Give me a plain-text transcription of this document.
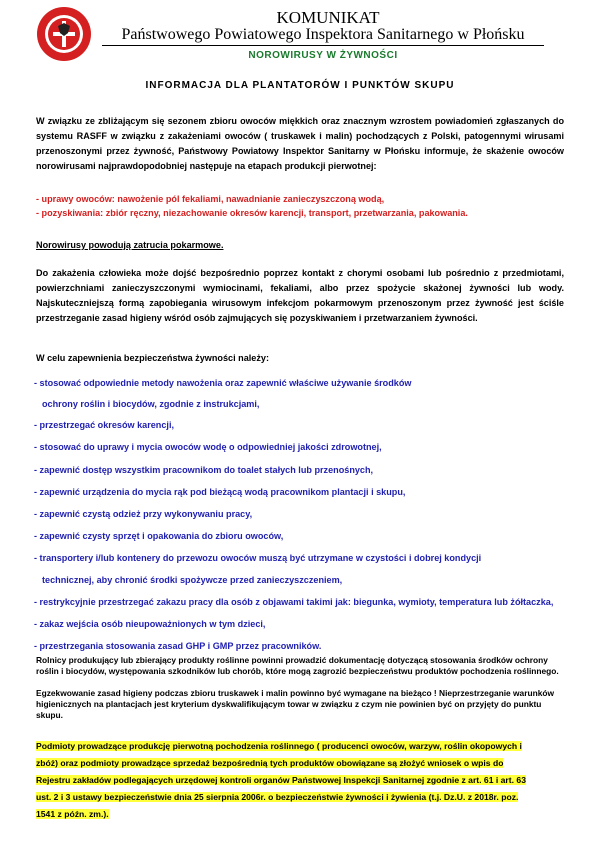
KOMUNIKAT
Państwowego Powiatowego Inspektora Sanitarnego w Płońsku
NOROWIRUSY W ŻYWNOŚCI
INFORMACJA DLA PLANTATORÓW I PUNKTÓW SKUPU
W związku ze zbliżającym się sezonem zbioru owoców miękkich oraz znacznym wzrostem powiadomień zgłaszanych do systemu RASFF w związku z zakażeniami owoców ( truskawek i malin) pochodzących z Polski, patogennymi wirusami przenoszonymi przez żywność, Państwowy Powiatowy Inspektor Sanitarny w Płońsku informuje, że skażenie owoców norowirusami najprawdopodobniej następuje na etapach produkcji pierwotnej:
- uprawy owoców: nawożenie pól fekaliami, nawadnianie zanieczyszczoną wodą,
- pozyskiwania: zbiór ręczny, niezachowanie okresów karencji, transport, przetwarzania, pakowania.
Norowirusy powodują zatrucia pokarmowe.
Do zakażenia człowieka może dojść bezpośrednio poprzez kontakt z chorymi osobami lub pośrednio z przedmiotami, powierzchniami zanieczyszczonymi wymiocinami, fekaliami, albo przez spożycie skażonej żywności lub wody. Najskuteczniejszą formą zapobiegania wirusowym infekcjom pokarmowym przenoszonym przez żywność jest ściśle przestrzeganie zasad higieny wśród osób zajmujących się pozyskiwaniem i przetwarzaniem żywności.
W celu zapewnienia bezpieczeństwa żywności należy:
- stosować odpowiednie metody nawożenia oraz zapewnić właściwe używanie środków
ochrony roślin i biocydów, zgodnie z instrukcjami,
- przestrzegać okresów karencji,
- stosować do uprawy i mycia owoców wodę o odpowiedniej jakości zdrowotnej,
- zapewnić dostęp wszystkim pracownikom do toalet stałych lub przenośnych,
- zapewnić urządzenia do mycia rąk pod bieżącą wodą pracownikom plantacji i skupu,
- zapewnić czystą odzież przy wykonywaniu pracy,
- zapewnić czysty sprzęt i opakowania do zbioru owoców,
- transportery i/lub kontenery do przewozu owoców muszą być utrzymane w czystości i dobrej kondycji
technicznej, aby chronić środki spożywcze przed zanieczyszczeniem,
- restrykcyjnie przestrzegać zakazu pracy dla osób z objawami takimi jak: biegunka, wymioty, temperatura lub żółtaczka,
- zakaz wejścia osób nieupoważnionych w tym dzieci,
- przestrzegania stosowania zasad GHP i GMP przez pracowników.
Rolnicy produkujący lub zbierający produkty roślinne powinni prowadzić dokumentację dotyczącą stosowania środków ochrony roślin i biocydów, występowania szkodników lub chorób, które mogą zagrozić bezpieczeństwu produktów pochodzenia roślinnego.
Egzekwowanie zasad higieny podczas zbioru truskawek i malin powinno być wymagane na bieżąco ! Nieprzestrzeganie warunków higienicznych na plantacjach jest kryterium dyskwalifikującym towar w związku z czym nie powinien być on przyjęty do punktu skupu.
Podmioty prowadzące produkcję pierwotną pochodzenia roślinnego ( producenci owoców, warzyw, roślin okopowych i
zbóż) oraz podmioty prowadzące sprzedaż bezpośrednią tych produktów obowiązane są złożyć wniosek o wpis do
Rejestru zakładów podlegających urzędowej kontroli organów Państwowej Inspekcji Sanitarnej zgodnie z art. 61 i art. 63
ust. 2 i 3 ustawy bezpieczeństwie dnia 25 sierpnia 2006r. o bezpieczeństwie żywności i żywienia (t.j. Dz.U. z 2018r. poz.
1541 z późn. zm.).
